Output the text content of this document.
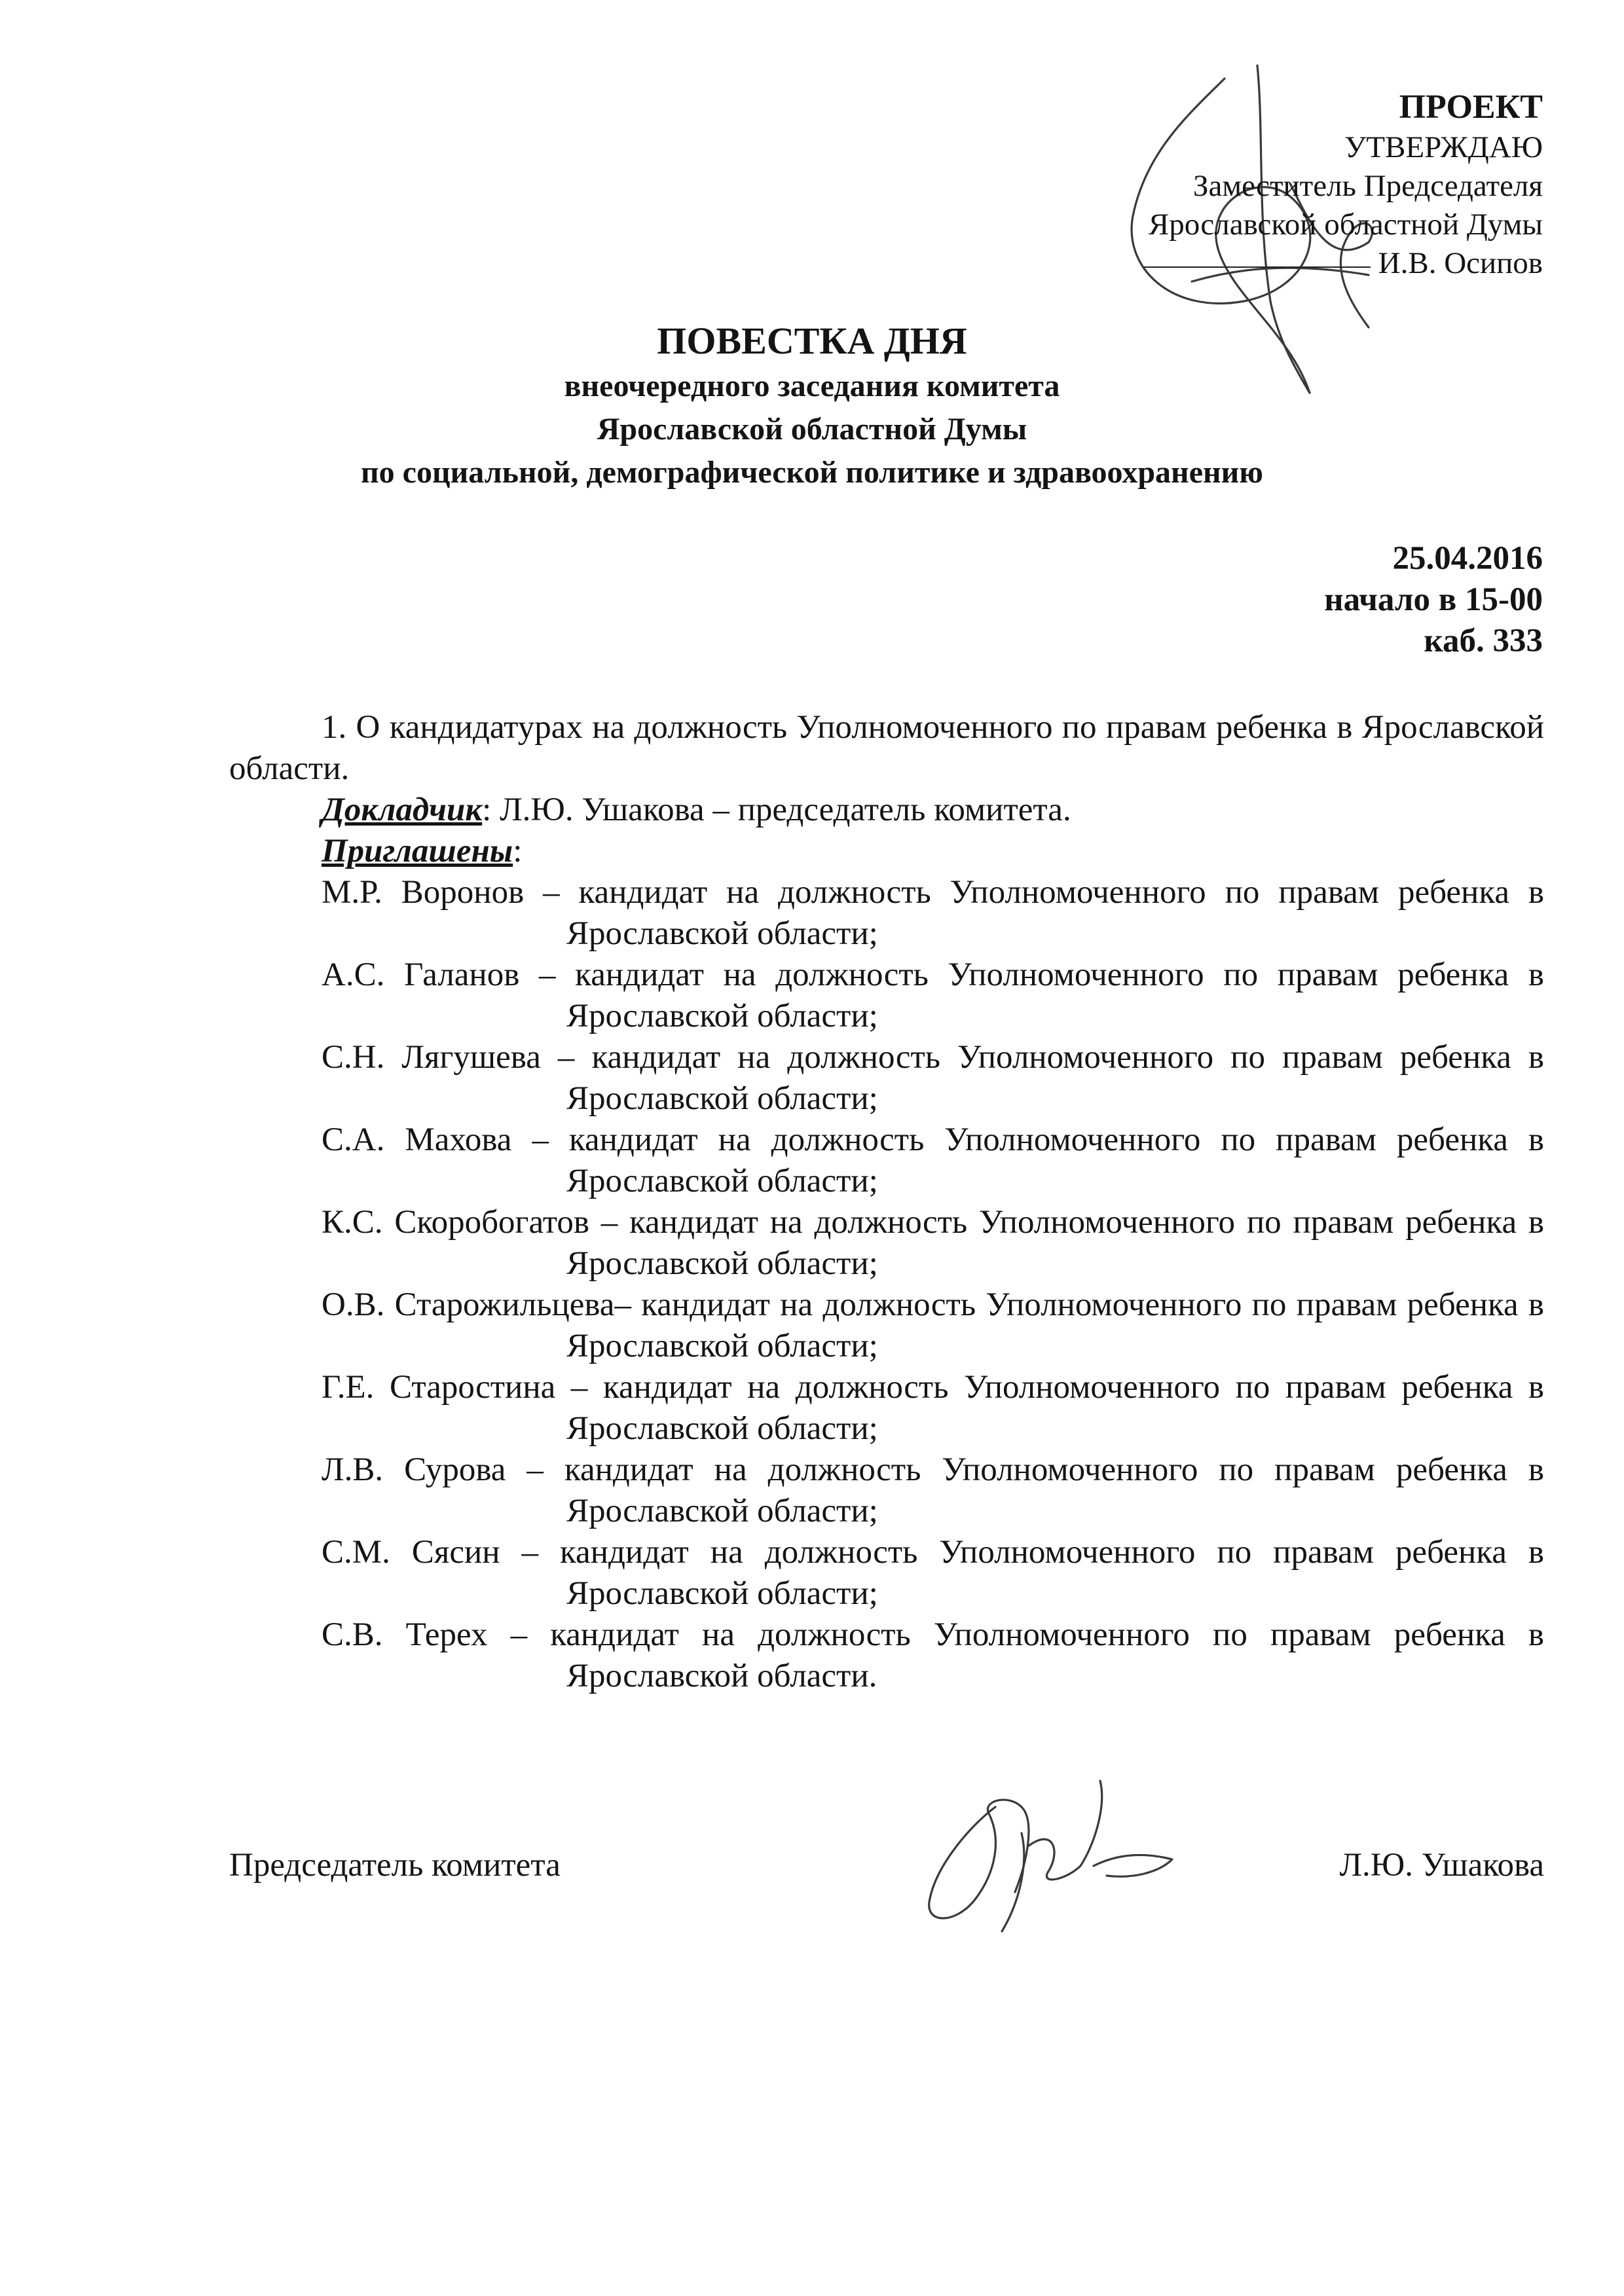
ПРОЕКТ
УТВЕРЖДАЮ
Заместитель Председателя
Ярославской областной Думы
И.В. Осипов
ПОВЕСТКА ДНЯ
внеочередного заседания комитета
Ярославской областной Думы
по социальной, демографической политике и здравоохранению
25.04.2016
начало в 15-00
каб. 333

1. О кандидатурах на должность Уполномоченного по правам ребенка в Ярославской области.

Докладчик: Л.Ю. Ушакова – председатель комитета.

Приглашены:

М.Р. Воронов – кандидат на должность Уполномоченного по правам ребенка в Ярославской области;

А.С. Галанов – кандидат на должность Уполномоченного по правам ребенка в Ярославской области;

С.Н. Лягушева – кандидат на должность Уполномоченного по правам ребенка в Ярославской области;

С.А. Махова – кандидат на должность Уполномоченного по правам ребенка в Ярославской области;

К.С. Скоробогатов – кандидат на должность Уполномоченного по правам ребенка в Ярославской области;

О.В. Старожильцева– кандидат на должность Уполномоченного по правам ребенка в Ярославской области;

Г.Е. Старостина – кандидат на должность Уполномоченного по правам ребенка в Ярославской области;

Л.В. Сурова – кандидат на должность Уполномоченного по правам ребенка в Ярославской области;

С.М. Сясин – кандидат на должность Уполномоченного по правам ребенка в Ярославской области;

С.В. Терех – кандидат на должность Уполномоченного по правам ребенка в Ярославской области.

Председатель комитета	Л.Ю. Ушакова
